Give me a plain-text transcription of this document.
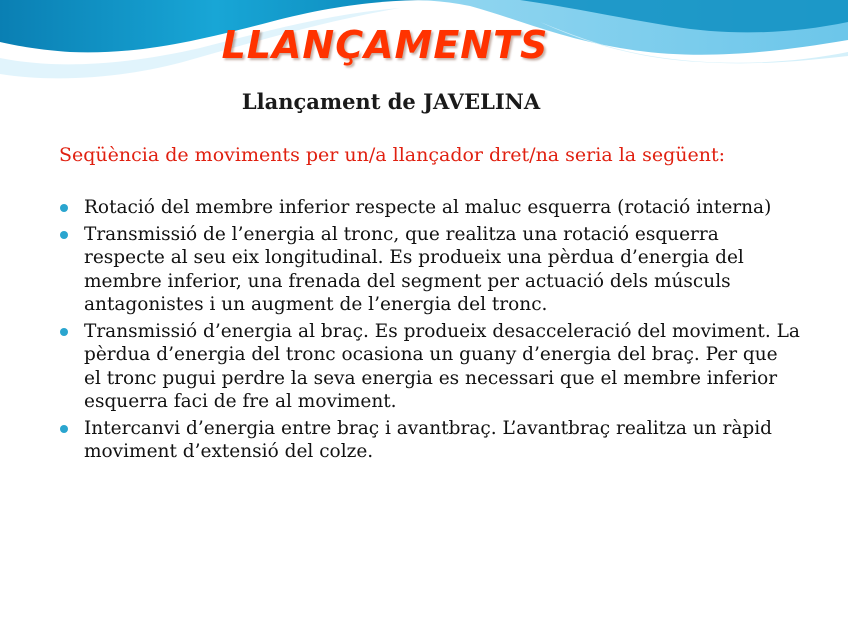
LLANÇAMENTS
Llançament de JAVELINA
Seqüència de moviments per un/a llançador dret/na seria la següent:
Rotació del membre inferior respecte al maluc esquerra (rotació interna)
Transmissió de l’energia al tronc, que realitza una rotació esquerra respecte al seu eix longitudinal. Es produeix una pèrdua d’energia del membre inferior, una frenada del segment per actuació dels músculs antagonistes i un augment de l’energia del tronc.
Transmissió d’energia al braç. Es produeix desacceleració del moviment. La pèrdua d’energia del tronc ocasiona un guany d’energia del braç. Per que el tronc pugui perdre la seva energia es necessari que el membre inferior esquerra faci de fre al moviment.
Intercanvi d’energia entre braç i avantbraç. L’avantbraç realitza un ràpid moviment d’extensió del colze.
